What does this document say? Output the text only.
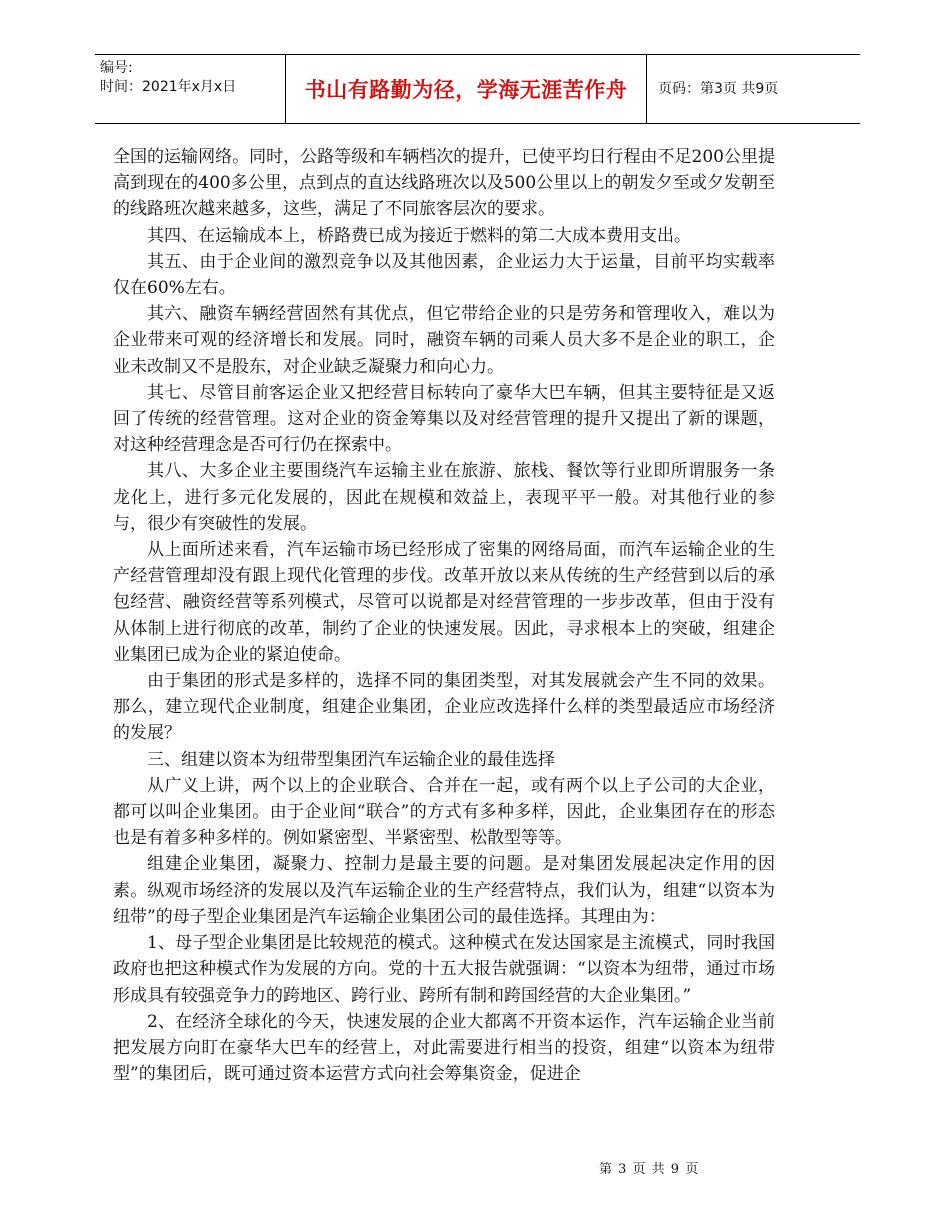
编号:
时间：2021年x月x日	书山有路勤为径，学海无涯苦作舟 页码：第3页 共9页

全国的运输网络。同时，公路等级和车辆档次的提升，已使平均日行程由不足200公里提高到现在的400多公里，点到点的直达线路班次以及500公里以上的朝发夕至或夕发朝至的线路班次越来越多，这些，满足了不同旅客层次的要求。

其四、在运输成本上，桥路费已成为接近于燃料的第二大成本费用支出。

其五、由于企业间的激烈竞争以及其他因素，企业运力大于运量，目前平均实载率仅在60%左右。

其六、融资车辆经营固然有其优点，但它带给企业的只是劳务和管理收入，难以为企业带来可观的经济增长和发展。同时，融资车辆的司乘人员大多不是企业的职工，企业未改制又不是股东，对企业缺乏凝聚力和向心力。

其七、尽管目前客运企业又把经营目标转向了豪华大巴车辆，但其主要特征是又返回了传统的经营管理。这对企业的资金筹集以及对经营管理的提升又提出了新的课题，对这种经营理念是否可行仍在探索中。

其八、大多企业主要围绕汽车运输主业在旅游、旅栈、餐饮等行业即所谓服务一条龙化上，进行多元化发展的，因此在规模和效益上，表现平平一般。对其他行业的参与，很少有突破性的发展。

从上面所述来看，汽车运输市场已经形成了密集的网络局面，而汽车运输企业的生产经营管理却没有跟上现代化管理的步伐。改革开放以来从传统的生产经营到以后的承包经营、融资经营等系列模式，尽管可以说都是对经营管理的一步步改革，但由于没有从体制上进行彻底的改革，制约了企业的快速发展。因此，寻求根本上的突破，组建企业集团已成为企业的紧迫使命。

由于集团的形式是多样的，选择不同的集团类型，对其发展就会产生不同的效果。那么，建立现代企业制度，组建企业集团，企业应改选择什么样的类型最适应市场经济的发展？

三、组建以资本为纽带型集团汽车运输企业的最佳选择

从广义上讲，两个以上的企业联合、合并在一起，或有两个以上子公司的大企业，都可以叫企业集团。由于企业间“联合”的方式有多种多样，因此，企业集团存在的形态也是有着多种多样的。例如紧密型、半紧密型、松散型等等。

组建企业集团，凝聚力、控制力是最主要的问题。是对集团发展起决定作用的因素。纵观市场经济的发展以及汽车运输企业的生产经营特点，我们认为，组建“以资本为纽带”的母子型企业集团是汽车运输企业集团公司的最佳选择。其理由为：

1、母子型企业集团是比较规范的模式。这种模式在发达国家是主流模式，同时我国政府也把这种模式作为发展的方向。党的十五大报告就强调：“以资本为纽带，通过市场形成具有较强竞争力的跨地区、跨行业、跨所有制和跨国经营的大企业集团。”

2、在经济全球化的今天，快速发展的企业大都离不开资本运作，汽车运输企业当前把发展方向盯在豪华大巴车的经营上，对此需要进行相当的投资，组建“以资本为纽带型”的集团后，既可通过资本运营方式向社会筹集资金，促进企

第 3 页 共 9 页
